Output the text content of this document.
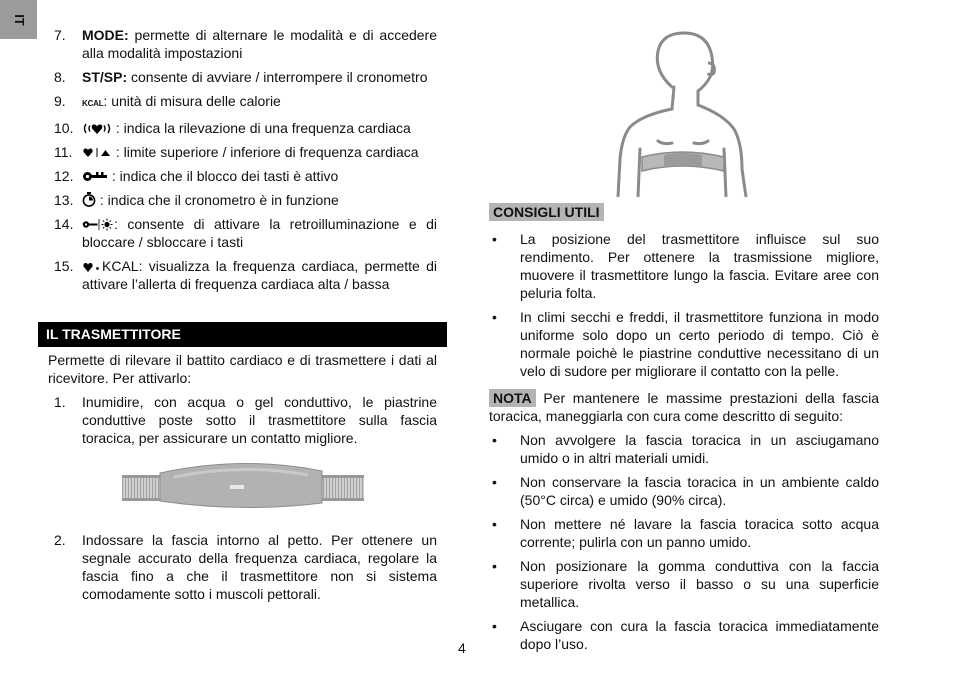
IT
7.	MODE: permette di alternare le modalità e di accedere alla modalità impostazioni
8.	ST/SP: consente di avviare / interrompere il cronometro
9.	KCAL: unità di misura delle calorie
10.	: indica la rilevazione di una frequenza cardiaca
11.	: limite superiore / inferiore di frequenza cardiaca
12.	: indica che il blocco dei tasti è attivo
13.	: indica che il cronometro è in funzione
14.	: consente di attivare la retroilluminazione e di bloccare / sbloccare i tasti
15.	KCAL: visualizza la frequenza cardiaca, permette di attivare l’allerta di frequenza cardiaca alta / bassa
IL TRASMETTITORE

Permette di rilevare il battito cardiaco e di trasmettere i dati al ricevitore. Per attivarlo:

1.	Inumidire, con acqua o gel conduttivo, le piastrine conduttive poste sotto il trasmettitore sulla fascia toracica, per assicurare un contatto migliore.
2.	Indossare la fascia intorno al petto. Per ottenere un segnale accurato della frequenza cardiaca, regolare la fascia fino a che il trasmettitore non si sistema comodamente sotto i muscoli pettorali.
CONSIGLI UTILI
•	La posizione del trasmettitore influisce sul suo rendimento. Per ottenere la trasmissione migliore, muovere il trasmettitore lungo la fascia. Evitare aree con peluria folta.
•	In climi secchi e freddi, il trasmettitore funziona in modo uniforme solo dopo un certo periodo di tempo. Ciò è normale poichè le piastrine conduttive necessitano di un velo di sudore per migliorare il contatto con la pelle.

NOTA Per mantenere le massime prestazioni della fascia toracica, maneggiarla con cura come descritto di seguito:

•	Non avvolgere la fascia toracica in un asciugamano umido o in altri materiali umidi.
•	Non conservare la fascia toracica in un ambiente caldo (50°C circa) e umido (90% circa).
•	Non mettere né lavare la fascia toracica sotto acqua corrente; pulirla con un panno umido.
•	Non posizionare la gomma conduttiva con la faccia superiore rivolta verso il basso o su una superficie metallica.
•	Asciugare con cura la fascia toracica immediatamente dopo l’uso.
4
